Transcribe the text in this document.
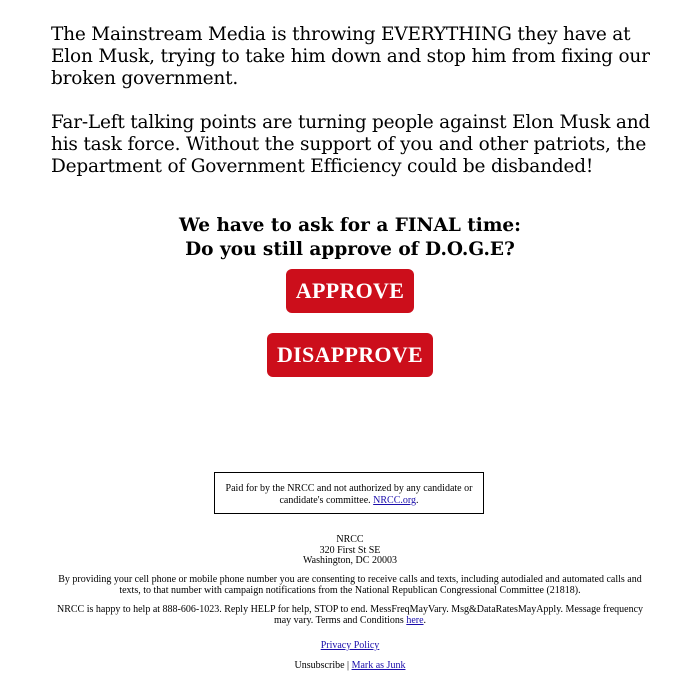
The Mainstream Media is throwing EVERYTHING they have at Elon Musk, trying to take him down and stop him from fixing our broken government.

Far-Left talking points are turning people against Elon Musk and his task force. Without the support of you and other patriots, the Department of Government Efficiency could be disbanded!

We have to ask for a FINAL time:
Do you still approve of D.O.G.E?
APPROVE
DISAPPROVE
Paid for by the NRCC and not authorized by any candidate or candidate's committee. NRCC.org.
NRCC
320 First St SE
Washington, DC 20003
By providing your cell phone or mobile phone number you are consenting to receive calls and texts, including autodialed and automated calls and texts, to that number with campaign notifications from the National Republican Congressional Committee (21818).
NRCC is happy to help at 888-606-1023. Reply HELP for help, STOP to end. MessFreqMayVary. Msg&DataRatesMayApply. Message frequency may vary. Terms and Conditions here.
Privacy Policy
Unsubscribe | Mark as Junk
